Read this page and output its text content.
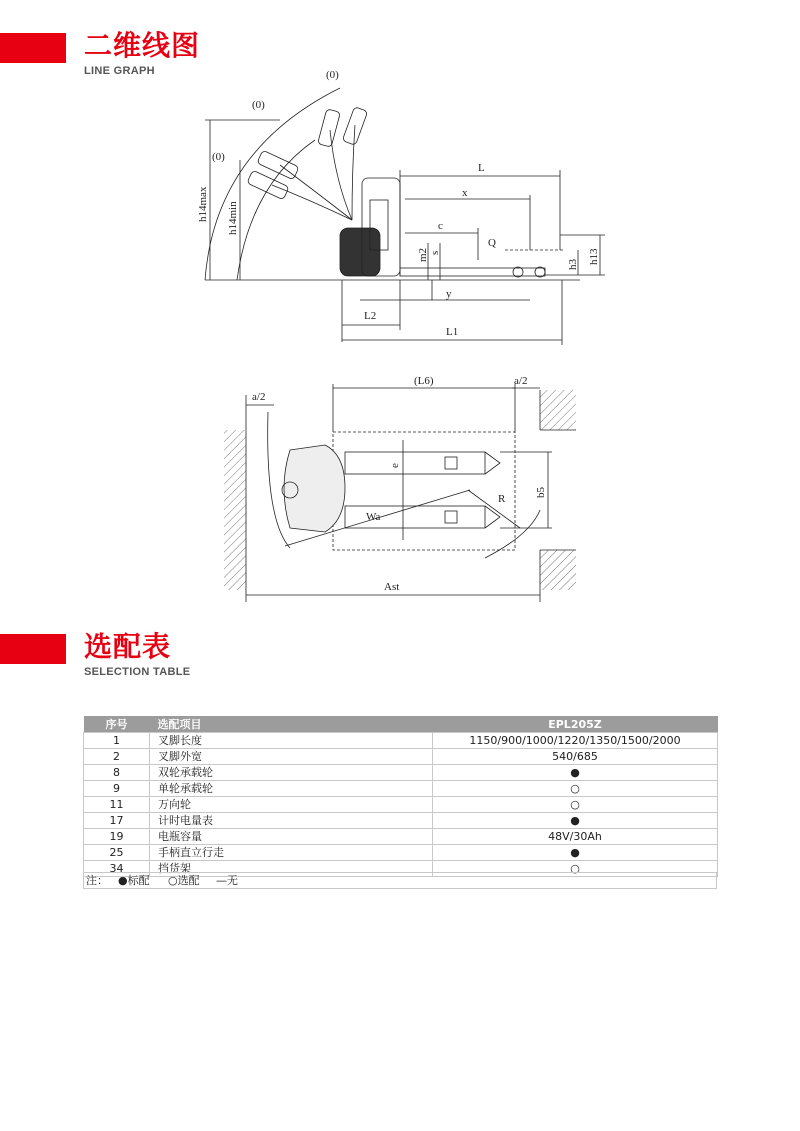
二维线图
LINE GRAPH
L
x
c
Q
y
L2
L1
(0)
(0)
(0)
m2 s
h3 h13
h14max h14min
a/2
a/2
(L6)
R
Wa
Ast
e
b5
选配表
SELECTION TABLE
序号	选配项目	EPL205Z
1	叉脚长度	1150/900/1000/1220/1350/1500/2000
2	叉脚外宽	540/685
8	双轮承载轮	●
9	单轮承载轮	○
11	万向轮	○
17	计时电量表	●
19	电瓶容量	48V/30Ah
25	手柄直立行走	●
34	挡货架	○
注： ●标配 ○选配 —无
